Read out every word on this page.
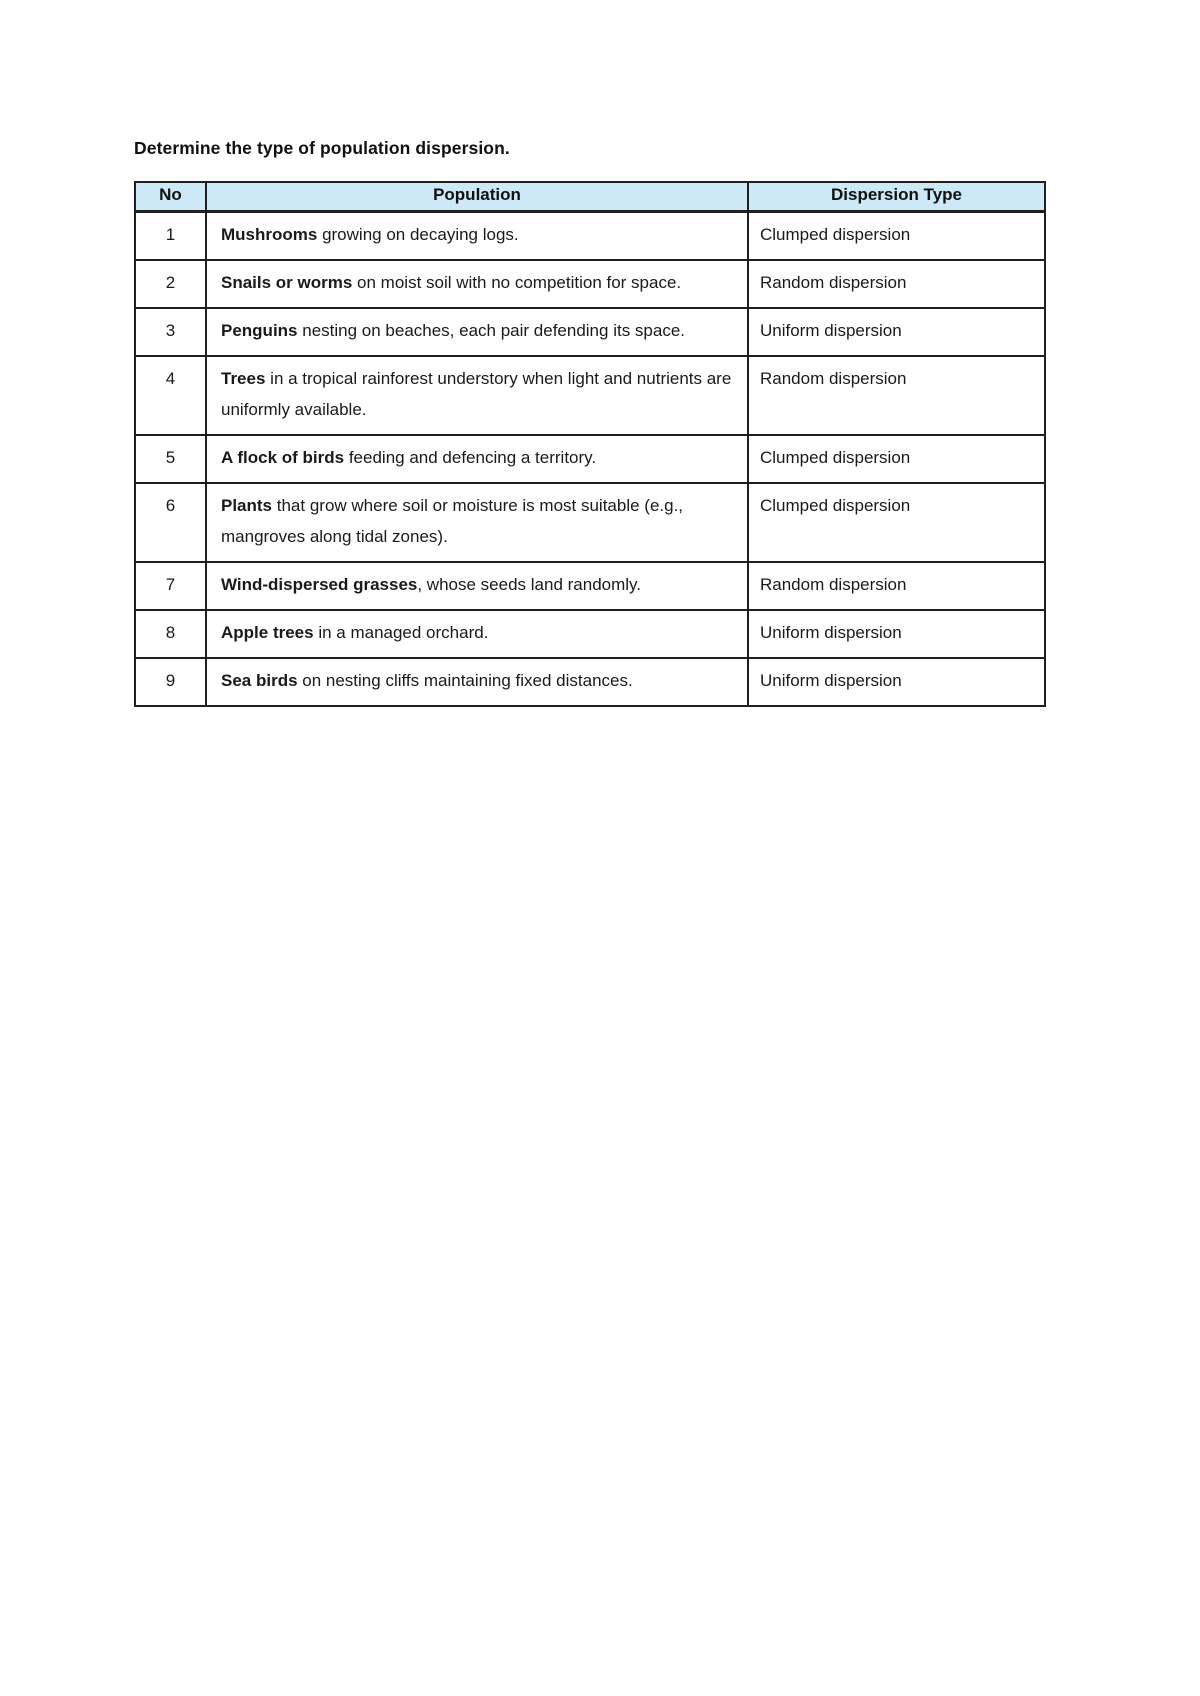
Determine the type of population dispersion.

No	Population	Dispersion Type
1	Mushrooms growing on decaying logs.	Clumped dispersion
2	Snails or worms on moist soil with no competition for space.	Random dispersion
3	Penguins nesting on beaches, each pair defending its space.	Uniform dispersion
4	Trees in a tropical rainforest understory when light and nutrients are uniformly available.	Random dispersion
5	A flock of birds feeding and defencing a territory.	Clumped dispersion
6	Plants that grow where soil or moisture is most suitable (e.g., mangroves along tidal zones).	Clumped dispersion
7	Wind-dispersed grasses, whose seeds land randomly.	Random dispersion
8	Apple trees in a managed orchard.	Uniform dispersion
9	Sea birds on nesting cliffs maintaining fixed distances.	Uniform dispersion
